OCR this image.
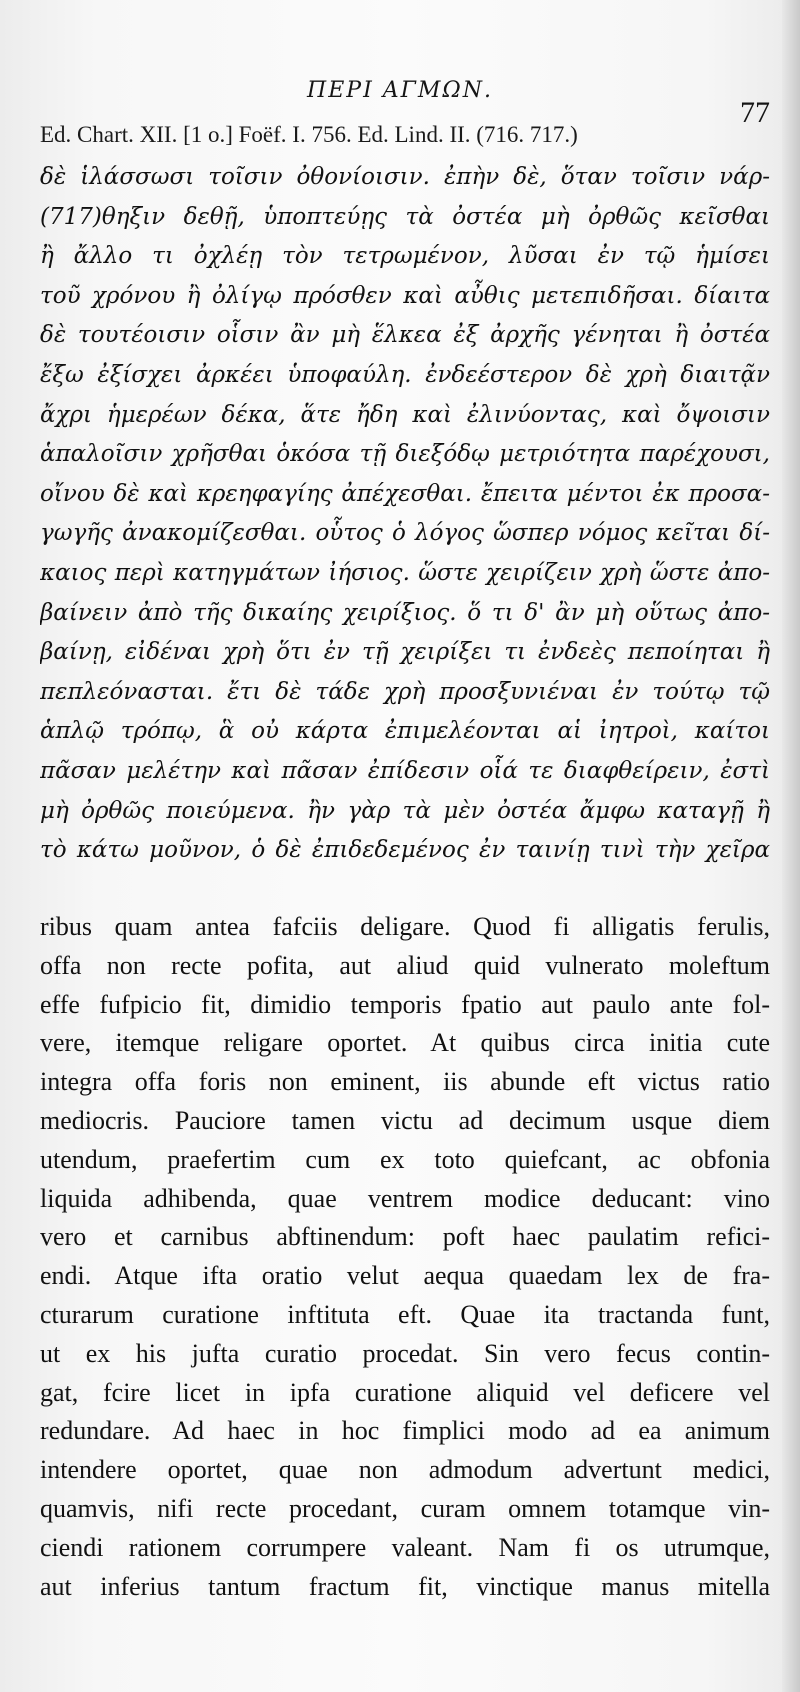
ΠΕΡΙ ΑΓΜΩΝ.
77
Ed. Chart. XII. [1 o.] Foëf. I. 756. Ed. Lind. II. (716. 717.)
δὲ ἱλάσσωσι τοῖσιν ὀθονίοισιν. ἐπὴν δὲ, ὅταν τοῖσιν νάρ-
(717)θηξιν δεθῇ, ὑποπτεύῃς τὰ ὀστέα μὴ ὀρθῶς κεῖσθαι
ἢ ἄλλο τι ὀχλέῃ τὸν τετρωμένον, λῦσαι ἐν τῷ ἡμίσει
τοῦ χρόνου ἢ ὀλίγῳ πρόσθεν καὶ αὖθις μετεπιδῆσαι. δίαιτα
δὲ τουτέοισιν οἷσιν ἂν μὴ ἕλκεα ἐξ ἀρχῆς γένηται ἢ ὀστέα
ἔξω ἐξίσχει ἀρκέει ὑποφαύλη. ἐνδεέστερον δὲ χρὴ διαιτᾷν
ἄχρι ἡμερέων δέκα, ἅτε ἤδη καὶ ἐλινύοντας, καὶ ὄψοισιν
ἁπαλοῖσιν χρῆσθαι ὁκόσα τῇ διεξόδῳ μετριότητα παρέχουσι,
οἴνου δὲ καὶ κρεηφαγίης ἀπέχεσθαι. ἔπειτα μέντοι ἐκ προσα-
γωγῆς ἀνακομίζεσθαι. οὗτος ὁ λόγος ὥσπερ νόμος κεῖται δί-
καιος περὶ κατηγμάτων ἰήσιος. ὥστε χειρίζειν χρὴ ὥστε ἀπο-
βαίνειν ἀπὸ τῆς δικαίης χειρίξιος. ὅ τι δ' ἂν μὴ οὕτως ἀπο-
βαίνῃ, εἰδέναι χρὴ ὅτι ἐν τῇ χειρίξει τι ἐνδεὲς πεποίηται ἢ
πεπλεόνασται. ἔτι δὲ τάδε χρὴ προσξυνιέναι ἐν τούτῳ τῷ
ἁπλῷ τρόπῳ, ἃ οὐ κάρτα ἐπιμελέονται αἱ ἰητροὶ, καίτοι
πᾶσαν μελέτην καὶ πᾶσαν ἐπίδεσιν οἷά τε διαφθείρειν, ἐστὶ
μὴ ὀρθῶς ποιεύμενα. ἢν γὰρ τὰ μὲν ὀστέα ἄμφω καταγῇ ἢ
τὸ κάτω μοῦνον, ὁ δὲ ἐπιδεδεμένος ἐν ταινίῃ τινὶ τὴν χεῖρα
ribus quam antea fafciis deligare. Quod fi alligatis ferulis,
offa non recte pofita, aut aliud quid vulnerato moleftum
effe fufpicio fit, dimidio temporis fpatio aut paulo ante fol-
vere, itemque religare oportet. At quibus circa initia cute
integra offa foris non eminent, iis abunde eft victus ratio
mediocris. Pauciore tamen victu ad decimum usque diem
utendum, praefertim cum ex toto quiefcant, ac obfonia
liquida adhibenda, quae ventrem modice deducant: vino
vero et carnibus abftinendum: poft haec paulatim refici-
endi. Atque ifta oratio velut aequa quaedam lex de fra-
cturarum curatione inftituta eft. Quae ita tractanda funt,
ut ex his jufta curatio procedat. Sin vero fecus contin-
gat, fcire licet in ipfa curatione aliquid vel deficere vel
redundare. Ad haec in hoc fimplici modo ad ea animum
intendere oportet, quae non admodum advertunt medici,
quamvis, nifi recte procedant, curam omnem totamque vin-
ciendi rationem corrumpere valeant. Nam fi os utrumque,
aut inferius tantum fractum fit, vinctique manus mitella
